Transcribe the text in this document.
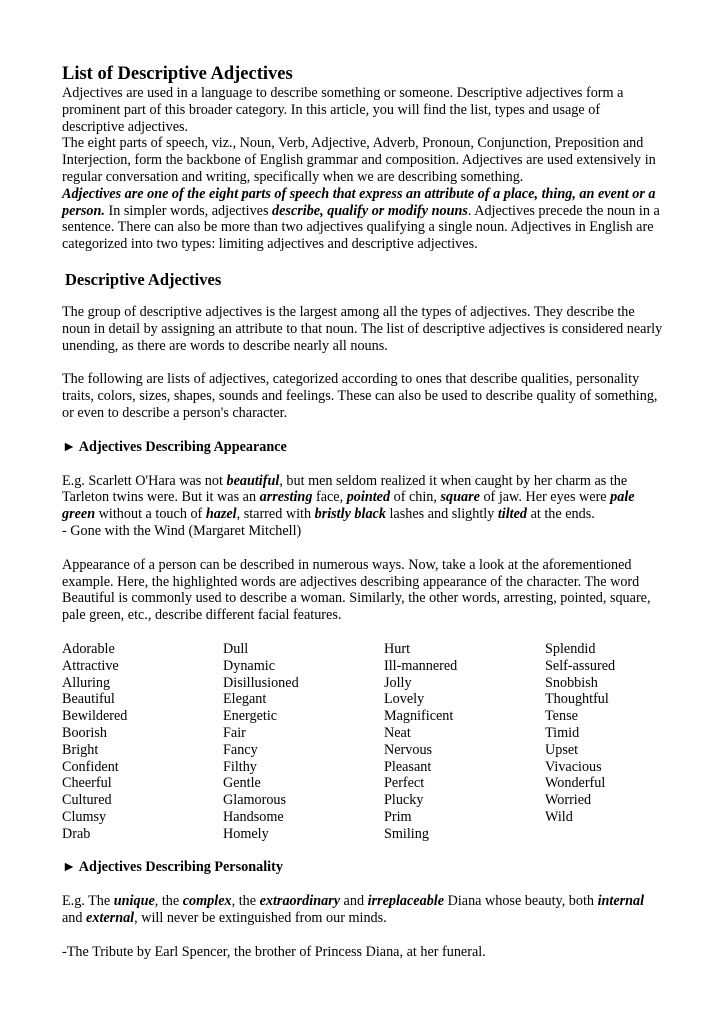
List of Descriptive Adjectives

Adjectives are used in a language to describe something or someone. Descriptive adjectives form a prominent part of this broader category. In this article, you will find the list, types and usage of descriptive adjectives.

The eight parts of speech, viz., Noun, Verb, Adjective, Adverb, Pronoun, Conjunction, Preposition and Interjection, form the backbone of English grammar and composition. Adjectives are used extensively in regular conversation and writing, specifically when we are describing something.

Adjectives are one of the eight parts of speech that express an attribute of a place, thing, an event or a person. In simpler words, adjectives describe, qualify or modify nouns. Adjectives precede the noun in a sentence. There can also be more than two adjectives qualifying a single noun. Adjectives in English are categorized into two types: limiting adjectives and descriptive adjectives.

Descriptive Adjectives

The group of descriptive adjectives is the largest among all the types of adjectives. They describe the noun in detail by assigning an attribute to that noun. The list of descriptive adjectives is considered nearly unending, as there are words to describe nearly all nouns.

The following are lists of adjectives, categorized according to ones that describe qualities, personality traits, colors, sizes, shapes, sounds and feelings. These can also be used to describe quality of something, or even to describe a person's character.

► Adjectives Describing Appearance

E.g. Scarlett O'Hara was not beautiful, but men seldom realized it when caught by her charm as the Tarleton twins were. But it was an arresting face, pointed of chin, square of jaw. Her eyes were pale green without a touch of hazel, starred with bristly black lashes and slightly tilted at the ends.

- Gone with the Wind (Margaret Mitchell)

Appearance of a person can be described in numerous ways. Now, take a look at the aforementioned example. Here, the highlighted words are adjectives describing appearance of the character. The word Beautiful is commonly used to describe a woman. Similarly, the other words, arresting, pointed, square, pale green, etc., describe different facial features.

Adorable
Attractive
Alluring
Beautiful
Bewildered
Boorish
Bright
Confident
Cheerful
Cultured
Clumsy
Drab
Dull
Dynamic
Disillusioned
Elegant
Energetic
Fair
Fancy
Filthy
Gentle
Glamorous
Handsome
Homely
Hurt
Ill-mannered
Jolly
Lovely
Magnificent
Neat
Nervous
Pleasant
Perfect
Plucky
Prim
Smiling
Splendid
Self-assured
Snobbish
Thoughtful
Tense
Timid
Upset
Vivacious
Wonderful
Worried
Wild

► Adjectives Describing Personality

E.g. The unique, the complex, the extraordinary and irreplaceable Diana whose beauty, both internal and external, will never be extinguished from our minds.

-The Tribute by Earl Spencer, the brother of Princess Diana, at her funeral.
